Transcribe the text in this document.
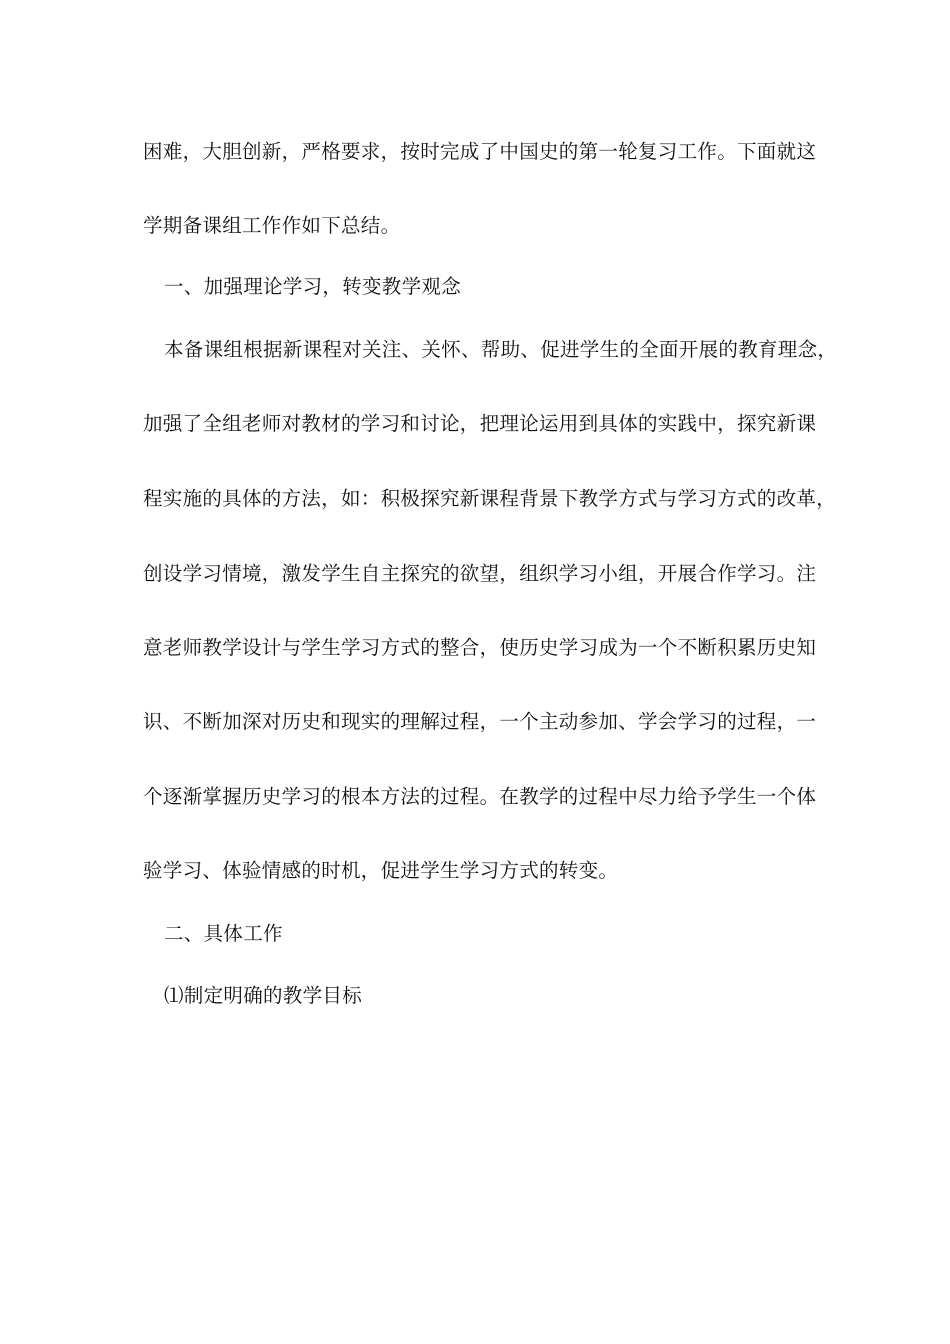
困难，大胆创新，严格要求，按时完成了中国史的第一轮复习工作。下面就这
学期备课组工作作如下总结。
一、加强理论学习，转变教学观念
本备课组根据新课程对关注、关怀、帮助、促进学生的全面开展的教育理念，
加强了全组老师对教材的学习和讨论，把理论运用到具体的实践中，探究新课
程实施的具体的方法，如：积极探究新课程背景下教学方式与学习方式的改革，
创设学习情境，激发学生自主探究的欲望，组织学习小组，开展合作学习。注
意老师教学设计与学生学习方式的整合，使历史学习成为一个不断积累历史知
识、不断加深对历史和现实的理解过程，一个主动参加、学会学习的过程，一
个逐渐掌握历史学习的根本方法的过程。在教学的过程中尽力给予学生一个体
验学习、体验情感的时机，促进学生学习方式的转变。
二、具体工作
⑴制定明确的教学目标
